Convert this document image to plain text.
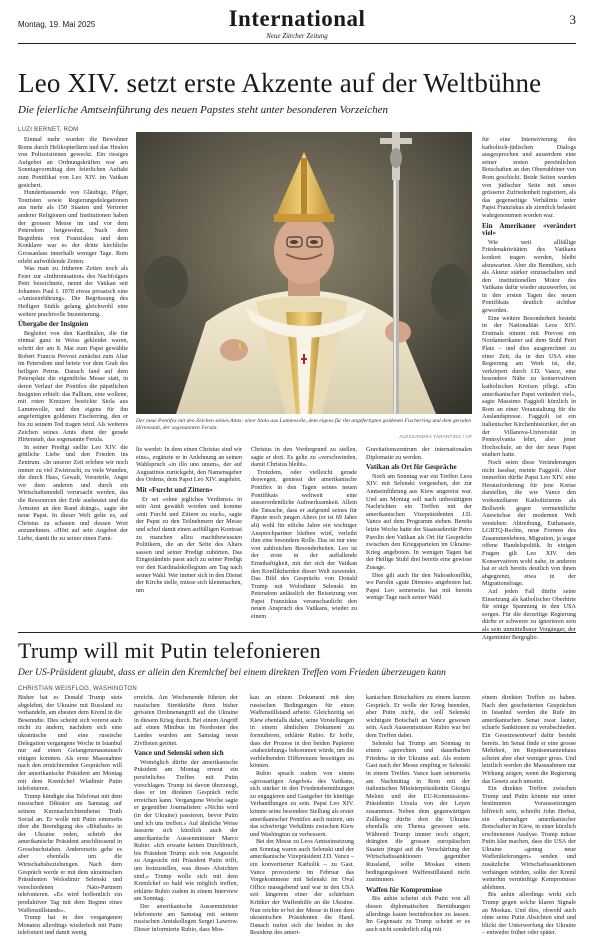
Montag, 19. Mai 2025	International
Neue Zürcher Zeitung
3
Leo XIV. setzt erste Akzente auf der Weltbühne
Die feierliche Amtseinführung des neuen Papstes steht unter besonderen Vorzeichen
LUZI BERNET, ROM

Einmal mehr wurden die Bewohner Roms durch Helikopterlärm und das Heulen von Polizeisirenen geweckt. Ein riesiges Aufgebot an Ordnungskräften war am Sonntagvormittag den feierlichen Auftakt zum Pontifikat von Leo XIV. im Vatikan gesichert.

Hunderttausende von Gläubige, Pilger, Touristen sowie Regierungsdelegationen aus mehr als 150 Staaten und Vertreter anderer Religionen und Institutionen haben der grossen Messe im und vor dem Petersdom beigewohnt. Nach dem Begräbnis von Franziskus und dem Konklave war es der dritte kirchliche Grossanlass innerhalb weniger Tage. Rom erlebt aufwühlende Zeiten.

Was man zu früheren Zeiten noch als Feier zur «Inthronisation» des Nachfolgers Petri bezeichnete, nennt der Vatikan seit Johannes Paul I. 1978 etwas prosaisch eine «Amtseinführung». Die Begrüssung des Heiligen Stuhls gelang gleichwohl eine weitere prachtvolle Inszenierung.

Übergabe der Insignien

Begleitet von den Kardinälen, die für einmal ganz in Weiss gekleidet waren, schritt der am 8. Mai zum Papst gewählte Robert Francis Prevost zunächst zum Altar im Petersdom und betete vor dem Grab des heiligen Petrus. Danach fand auf dem Petersplatz die eigentliche Messe statt, in deren Verlauf der Pontifex die päpstlichen Insignien erhielt: das Pallium, eine wollene, mit roten Kreuzen bestickte Stola aus Lammwolle, und den eigens für ihn angefertigten goldenen Fischerring, den er bis zu seinem Tod tragen wird. Als weiteres Zeichen seines Amts dient der gerade Hirtenstab, das sogenannte Ferula.

In seiner Predigt stellte Leo XIV. die göttliche Liebe und den Frieden ins Zentrum. «In unserer Zeit erleben wir noch immer zu viel Zwietracht, zu viele Wunden, die durch Hass, Gewalt, Vorurteile, Angst vor dem anderen und durch ein Wirtschaftsmodell verursacht werden, das die Ressourcen der Erde ausbeutet und die Ärmsten an den Rand drängt», sagte der neue Papst. In dieser Welt gelte es, auf Christus zu schauen und dessen Wort anzunehmen. «Hört auf sein Angebot der Liebe, damit ihr zu seiner einen Fami-

Der neue Pontifex mit den Zeichen seines Amts: einer Stola aus Lammwolle, dem eigens für ihn angefertigten goldenen Fischerring und dem geraden Hirtenstab, der sogenannten Ferula.
ALESSANDRA TARANTINO / AP

lie werdet: In dem einen Christus sind wir eins», ergänzte er in Anlehnung an seinen Wahlspruch «in illo uno unum», der auf Augustinus zurückgeht, den Namensgeber des Ordens, dem Papst Leo XIV. angehört.

Mit «Furcht und Zittern»

Er sei «ohne jegliches Verdienst» in sein Amt gewählt worden und komme «mit Furcht und Zittern zu euch», sagte der Papst zu den Teilnehmern der Messe und schuf damit einen auffälligen Kontrast zu manchen allzu machtbewussten Politikern, die an der Seite des Altars sassen und seiner Predigt zuhörten. Das Eingeständnis passt auch zu seiner Predigt vor den Kardinalskollegium am Tag nach seiner Wahl. Wer immer sich in den Dienst der Kirche stelle, müsse sich kleinmachen, um

Christus in den Vordergrund zu stellen, sagte er dort. Es gelte zu «verschwinden, damit Christus bleibt».

Trotzdem, oder vielleicht gerade deswegen, geniesst der amerikanische Pontifex in den Tagen seines neuen Pontifikats weltweit eine ausserordentliche Aufmerksamkeit. Allein die Tatsache, dass er aufgrund seines für Päpste noch jungen Alters (er ist 69 Jahre alt) wohl für etliche Jahre ein wichtiger Ansprechpartner bleiben wird, verleiht ihm eine besondere Rolle. Das ist nur eine von zahlreichen Besonderheiten. Leo ist der erste in der auffallende Ernsthaftigkeit, mit der sich der Vatikan den Konfliktherden dieser Welt zuwendet. Das Bild des Gesprächs von Donald Trump mit Wolodimir Selenski im Petersdom anlässlich der Beisetzung von Papst Franziskus veranschaulicht den neuen Anspruch des Vatikans, wieder zu einem

Gravitationszentrum der internationalen Diplomatie zu werden.

Vatikan als Ort für Gespräche

Noch am Sonntag war ein Treffen Leos XIV. mit Selenski vorgesehen, der zur Amtseinführung aus Kiew angereist war. Und am Montag soll nach unbestätigten Nachrichten ein Treffen mit der amerikanischen Vizepräsidenten J.D. Vance auf dem Programm stehen. Bereits letzte Woche hatte der Staatssekretär Petro Parolin den Vatikan als Ort für Gespräche zwischen den Kriegsparteien im Ukraine-Krieg angeboten. In wenigen Tagen hat der Heilige Stuhl drei bereits eine gewisse Zusage.

Dies gilt auch für den Nahostkonflikt, wo Parolin «gute Dienste» angeboten hat. Papst Leo seinerseits hat mit bereits wenige Tage nach seiner Wahl

für eine Intensivierung des katholisch-jüdischen Dialogs ausgesprochen und ausserdem eine seiner ersten persönlichen Botschaften an den Oberrabbiner von Rom geschickt. Beide Seiten wurden von jüdischer Seite mit umso grösserer Zufriedenheit registriert, als das gegenseitige Verhältnis unter Papst Franziskus als ziemlich belastet wahrgenommen worden war.

Ein Amerikaner «verändert viel»

Wie weit allfällige Friedenaktivitäten des Vatikans konkret tragen werden, bleibt abzuwarten. Aber die Bemühen, sich als Akteur stärker einzuschalten und den institutionellen Motor des Vatikans dafür wieder anzuwerfen, ist in den ersten Tagen des neuen Pontifikats deutlich sichtbar geworden.

Eine weitere Besonderheit besteht in der Nationalität Leos XIV. Erstmals nimmt mit Prevost ein Nordamerikaner auf dem Stuhl Petri Platz – und dies ausgerechnet zu einer Zeit, da in den USA eine Regierung am Werk ist, die, verkörpert durch J.D. Vance, eine besondere Nähe zu konservativen katholischen Kreisen pflegt. «Ein amerikanischer Papst verändert viel», sagte Massimo Faggioli kürzlich in Rom an einer Veranstaltung für die Auslandspresse. Faggioli ist ein italienischer Kirchenhistoriker, der an der Villanova-Universität in Pennsylvania lehrt, also jener Hochschule, an der der neue Papst studiert hatte.

Noch seien diese Veränderungen nicht fassbar, meinte Faggioli. Aber immerhin dürfte Papst Leo XIV. eine Herausforderung für jene Kreise darstellen, die wie Vance den vorkonziliaren Katholizismus als Bollwerk gegen vermeintliche Auswüchse der modernen Welt verstehen: Abtreibung, Euthanasie, LGBTQ-Rechte, neue Formen des Zusammenlebens, Migration, ja sogar offene Handelspolitik. In einigen Fragen gilt Leo XIV. den Konservativen wohl nahe, in anderen hat er sich bereits deutlich von ihnen abgegrenzt, etwa in der Migrationsfrage.

Auf jeden Fall dürfte seine Einsetzung als katholischer Oberhirte für einige Spannung in den USA sorgen. Für die derzeitige Regierung dürfte er schwerer zu ignorieren sein als sein unmittelbarer Vorgänger, der Argentinier Bergoglio.

Trump will mit Putin telefonieren
Der US-Präsident glaubt, dass er allein den Kremlchef bei einem direkten Treffen vom Frieden überzeugen kann
CHRISTIAN WEISFLOG, WASHINGTON

Bisher hat es Donald Trump stets abgelehnt, der Ukraine mit Russland zu verhandeln, am ehesten dem Kreml in die Besenndie. Dies scheint sich vorerst auch nicht zu ändern, nachdem sich eine ukrainische und eine russische Delegation vergangene Woche in Istanbul nur auf einen Gefangenenaustausch einigen konnten. Als erste Massnahme nach den ernüchternden Gesprächen will der amerikanische Präsident am Montag mit dem Kremlchef Wladimir Putin telefonieren.

Trump kündigte das Telefonat mit dem russischen Diktator am Samstag auf seinem Kurznachrichtendienst Truth Social an. Er wolle mit Putin einerseits über die Beendigung des «Blutbads» in der Ukraine reden, schrieb der amerikanische Präsident anschliessend in Grossbuchstaben. Andererseits gehe es aber ebenfalls um die Wirtschaftsbeziehungen. Nach dem Gespräch werde er mit dem ukrainischen Präsidenten Wolodimir Selenski und verschiedenen Nato-Partnern telefonieren. «Es wird hoffentlich ein produktiver Tag mit dem Beginn eines Waffenstillstands».

Trump hat in den vergangenen Monaten allerdings wiederholt mit Putin telefoniert und damit wenig

erreicht. Am Wochenende führten der russischen Streitkräfte ihren bisher grössten Drohnenangriff auf die Ukraine in diesem Krieg durch. Bei einem Angriff auf einen Minibus im Nordosten des Landes wurden am Samstag neun Zivilisten getötet.

Vance und Selenski sehen sich

Womöglich dürfte der amerikanische Präsident am Montag erneut ein persönliches Treffen mit Putin vorschlagen. Trump ist davon überzeugt, dass er im direkten Gespräch recht erreichen kann. Vergangene Woche sagte er gegenüber Journalisten: «Nichts wird (in der Ukraine) passieren, bevor Putin und ich uns treffen.» Auf ähnliche Weise äusserte sich kürzlich auch der amerikanische Aussenminister Marco Rubio: «Ich erwarte keinen Durchbruch, bis Präsident Trump sich von Angesicht zu Angesicht mit Präsident Putin trifft, um festzustellen, was dieses Absichten sind.» Trump wolle sich mit dem Kremlchef so bald wie möglich treffen, erklärte Rubio zudem in einem Interview am Sonntag.

Der amerikanische Aussenminister telefonierte am Samstag mit seinem russischen Amtskollegen Sergei Lawrow. Dieser informierte Rubio, dass Mos-

kau an einem Dokument mit den russischen Bedingungen für einen Waffenstillstand arbeite. Gleichzeitig sei Kiew ebenfalls dabei, seine Vorstellungen in einem ähnlichen Dokument zu formulieren, erklärte Rubio. Er hoffe, dass der Prozess in den beiden Papieren «naheziehung» bekommen würde, um die verbleibenden Differenzen beseitigen zu können.

Rubio sprach zudem von einem «grossartigen Angebot» des Vatikans, sich stärker in den Friedensbemühungen zu engagieren und Gastgeber für künftige Verhandlungen zu sein. Papst Leo XIV. könnte seine besondere Stellung als erster amerikanischer Pontifex auch nutzen, um das schwierige Verhältnis zwischen Kiew und Washington zu verbessern.

Bei der Messe zu Leos Amtseinsetzung am Sonntag waren auch Selenski und der amerikanische Vizepräsident J.D. Vance – ein konvertierter Katholik – zu Gast. Vance provozierte im Februar das Vorgekommene mit Selenski im Oval Office massgebend und war in den USA seit längerem einer der schärfsten Kritiker der Waffenhilfe an die Ukraine. Nun reichte er bei der Messe in Rom dem ukrainischen Präsidenten die Hand. Danach trafen sich die beiden in der Residenz des ameri-

kanischen Botschafters zu einem kurzen Gespräch. Er wolle der Krieg beenden, aber Putin nicht, die soll Selenski wichtigste Botschaft an Vance gewesen sein. Auch Aussenminister Rubio war bei dem Treffen dabei.

Selenski bat Trump am Sonntag in einem «gerechten und dauerhaften Frieden» in der Ukraine auf. Als erstem Gast nach der Messe empfing er Selenski in einem Treffen. Vance kam seinerseits am Nachmittag in Rom mit der italienischen Ministerpräsidentin Giorgia Meloni und der EU-Kommissions-Präsidentin Ursula von der Leyen zusammen. Neben dem gegenwärtigen Zollkrieg dürfte dort die Ukraine ebenfalls ein Thema gewesen sein. Während Trump immer noch zögert, drängten die grossen europäischen Staaten jüngst auf die Verschärfung der Wirtschaftssanktionen gegenüber Russland, sollte Moskau einem bedingungslosen Waffenstillstand nicht zustimmen.

Waffen für Kompromisse

Bis anhin scheint sich Putin von all diesen diplomatischen Bemühungen allerdings kaum beeindrucken zu lassen. Im Gegensatz zu Trump scheint er es auch nicht sonderlich eilig mit

einem direkten Treffen zu haben. Nach den gescheiterten Gesprächen in Istanbul werden die Rufe im amerikanischen Senat zwar lauter, scharfe Sanktionen zu verabschieden. Ein Gesetzesentwurf dafür besteht bereits. Im Senat finde er eine grosse Mehrheit, im Repräsentantenhaus scheint aber eher weniger gross. Und letztlich werden die Massnahmen nur Wirkung zeigen, wenn die Regierung das Gesetz auch umsetzt.

Ein direktes Treffen zwischen Trump und Putin könnte nur unter bestimmten Voraussetzungen hilfreich sein, schreibt John Herbst, ein ehemaliger amerikanischer Botschafter in Kiew, in einer kürzlich erschienenen Analyse. Trump müsse Putin klar machen, dass die USA der Ukraine «genug neue Waffenlieferungen» senden und zusätzliche Wirtschaftssanktionen verhängen würden, sollte der Kreml weiterhin vernünftige Kompromisse ablehnen.

Bis anhin allerdings wirkt sich Trump gegen solche klaren Signale an Moskau. Und dies, obwohl auch ohne seine Putin Absichten sind und blickt der Unterwerfung der Ukraine – entweder früher oder später.
